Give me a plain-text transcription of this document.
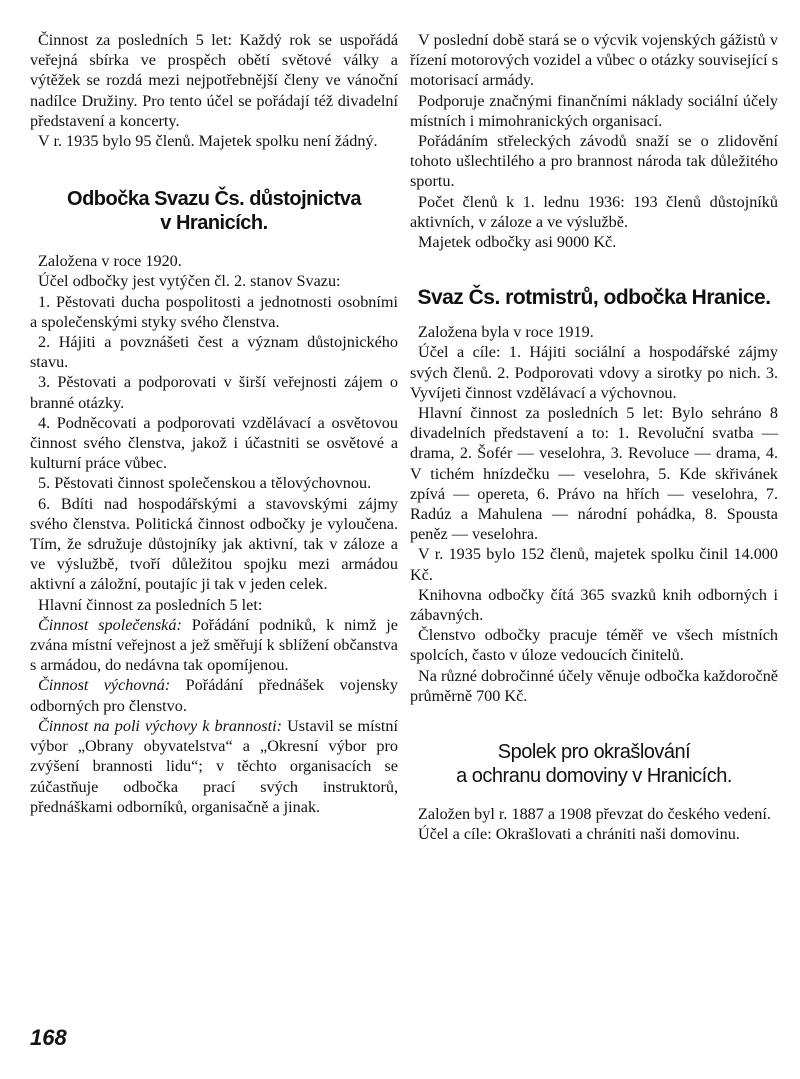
Činnost za posledních 5 let: Každý rok se uspořádá veřejná sbírka ve prospěch obětí světové války a výtěžek se rozdá mezi nejpotřebnější členy ve vánoční nadílce Družiny. Pro tento účel se pořádají též divadelní představení a koncerty.

V r. 1935 bylo 95 členů. Majetek spolku není žádný.

Odbočka Svazu Čs. důstojnictva
v Hranicích.

Založena v roce 1920.

Účel odbočky jest vytýčen čl. 2. stanov Svazu:

1. Pěstovati ducha pospolitosti a jednotnosti osobními a společenskými styky svého členstva.

2. Hájiti a povznášeti čest a význam důstojnického stavu.

3. Pěstovati a podporovati v širší veřejnosti zájem o branné otázky.

4. Podněcovati a podporovati vzdělávací a osvětovou činnost svého členstva, jakož i účastniti se osvětové a kulturní práce vůbec.

5. Pěstovati činnost společenskou a tělovýchovnou.

6. Bdíti nad hospodářskými a stavovskými zájmy svého členstva. Politická činnost odbočky je vyloučena. Tím, že sdružuje důstojníky jak aktivní, tak v záloze a ve výslužbě, tvoří důležitou spojku mezi armádou aktivní a záložní, poutajíc ji tak v jeden celek.

Hlavní činnost za posledních 5 let:

Činnost společenská: Pořádání podniků, k nimž je zvána místní veřejnost a jež směřují k sblížení občanstva s armádou, do nedávna tak opomíjenou.

Činnost výchovná: Pořádání přednášek vojensky odborných pro členstvo.

Činnost na poli výchovy k brannosti: Ustavil se místní výbor „Obrany obyvatelstva“ a „Okresní výbor pro zvýšení brannosti lidu“; v těchto organisacích se zúčastňuje odbočka prací svých instruktorů, přednáškami odborníků, organisačně a jinak.

V poslední době stará se o výcvik vojenských gážistů v řízení motorových vozidel a vůbec o otázky související s motorisací armády.

Podporuje značnými finančními náklady sociální účely místních i mimohranických organisací.

Pořádáním střeleckých závodů snaží se o zlidovění tohoto ušlechtilého a pro brannost národa tak důležitého sportu.

Počet členů k 1. lednu 1936: 193 členů důstojníků aktivních, v záloze a ve výslužbě.

Majetek odbočky asi 9000 Kč.

Svaz Čs. rotmistrů, odbočka Hranice.

Založena byla v roce 1919.

Účel a cíle: 1. Hájiti sociální a hospodářské zájmy svých členů. 2. Podporovati vdovy a sirotky po nich. 3. Vyvíjeti činnost vzdělávací a výchovnou.

Hlavní činnost za posledních 5 let: Bylo sehráno 8 divadelních představení a to: 1. Revoluční svatba — drama, 2. Šofér — veselohra, 3. Revoluce — drama, 4. V tichém hnízdečku — veselohra, 5. Kde skřivánek zpívá — opereta, 6. Právo na hřích — veselohra, 7. Radúz a Mahulena — národní pohádka, 8. Spousta peněz — veselohra.

V r. 1935 bylo 152 členů, majetek spolku činil 14.000 Kč.

Knihovna odbočky čítá 365 svazků knih odborných i zábavných.

Členstvo odbočky pracuje téměř ve všech místních spolcích, často v úloze vedoucích činitelů.

Na různé dobročinné účely věnuje odbočka každoročně průměrně 700 Kč.

Spolek pro okrašlování
a ochranu domoviny v Hranicích.

Založen byl r. 1887 a 1908 převzat do českého vedení.

Účel a cíle: Okrašlovati a chrániti naši domovinu.

168
